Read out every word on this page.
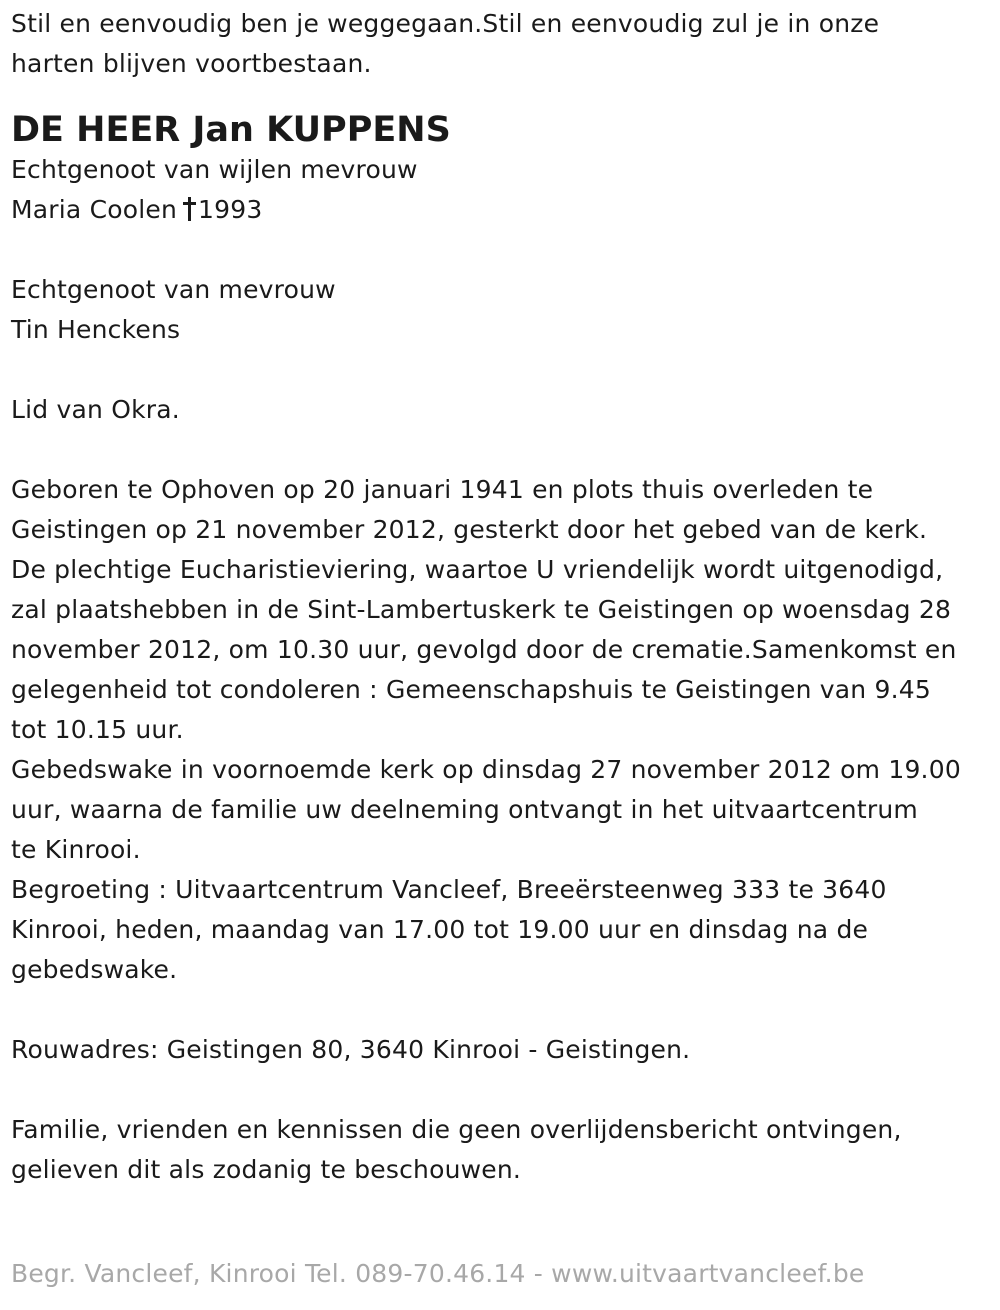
Stil en eenvoudig ben je weggegaan.Stil en eenvoudig zul je in onze
harten blijven voortbestaan.
DE HEER Jan KUPPENS
Echtgenoot van wijlen mevrouw
Maria Coolen 1993
Echtgenoot van mevrouw
Tin Henckens
Lid van Okra.
Geboren te Ophoven op 20 januari 1941 en plots thuis overleden te
Geistingen op 21 november 2012, gesterkt door het gebed van de kerk.
De plechtige Eucharistieviering, waartoe U vriendelijk wordt uitgenodigd,
zal plaatshebben in de Sint-Lambertuskerk te Geistingen op woensdag 28
november 2012, om 10.30 uur, gevolgd door de crematie.Samenkomst en
gelegenheid tot condoleren : Gemeenschapshuis te Geistingen van 9.45
tot 10.15 uur.
Gebedswake in voornoemde kerk op dinsdag 27 november 2012 om 19.00
uur, waarna de familie uw deelneming ontvangt in het uitvaartcentrum
te Kinrooi.
Begroeting : Uitvaartcentrum Vancleef, Breeërsteenweg 333 te 3640
Kinrooi, heden, maandag van 17.00 tot 19.00 uur en dinsdag na de
gebedswake.
Rouwadres: Geistingen 80, 3640 Kinrooi - Geistingen.
Familie, vrienden en kennissen die geen overlijdensbericht ontvingen,
gelieven dit als zodanig te beschouwen.
Begr. Vancleef, Kinrooi Tel. 089-70.46.14 - www.uitvaartvancleef.be
